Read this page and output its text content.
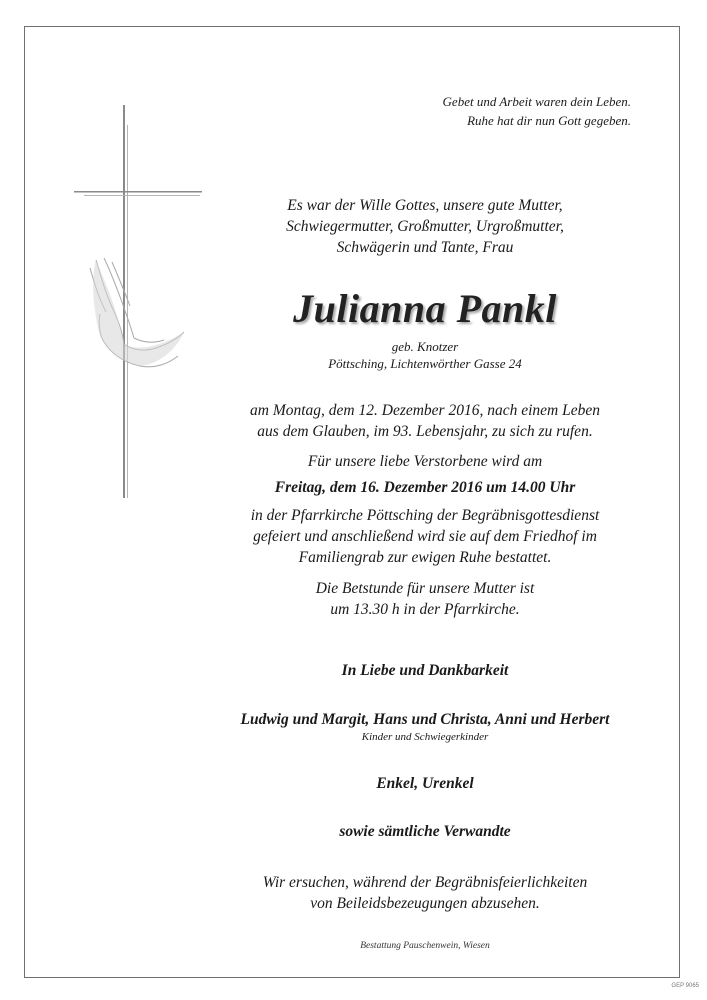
Gebet und Arbeit waren dein Leben.
Ruhe hat dir nun Gott gegeben.
Es war der Wille Gottes, unsere gute Mutter,
Schwiegermutter, Großmutter, Urgroßmutter,
Schwägerin und Tante, Frau
Julianna Pankl
geb. Knotzer
Pöttsching, Lichtenwörther Gasse 24
am Montag, dem 12. Dezember 2016, nach einem Leben
aus dem Glauben, im 93. Lebensjahr, zu sich zu rufen.
Für unsere liebe Verstorbene wird am
Freitag, dem 16. Dezember 2016 um 14.00 Uhr
in der Pfarrkirche Pöttsching der Begräbnisgottesdienst
gefeiert und anschließend wird sie auf dem Friedhof im
Familiengrab zur ewigen Ruhe bestattet.
Die Betstunde für unsere Mutter ist
um 13.30 h in der Pfarrkirche.
In Liebe und Dankbarkeit
Ludwig und Margit, Hans und Christa, Anni und Herbert
Kinder und Schwiegerkinder
Enkel, Urenkel
sowie sämtliche Verwandte
Wir ersuchen, während der Begräbnisfeierlichkeiten
von Beileidsbezeugungen abzusehen.
Bestattung Pauschenwein, Wiesen
GEP 9065
